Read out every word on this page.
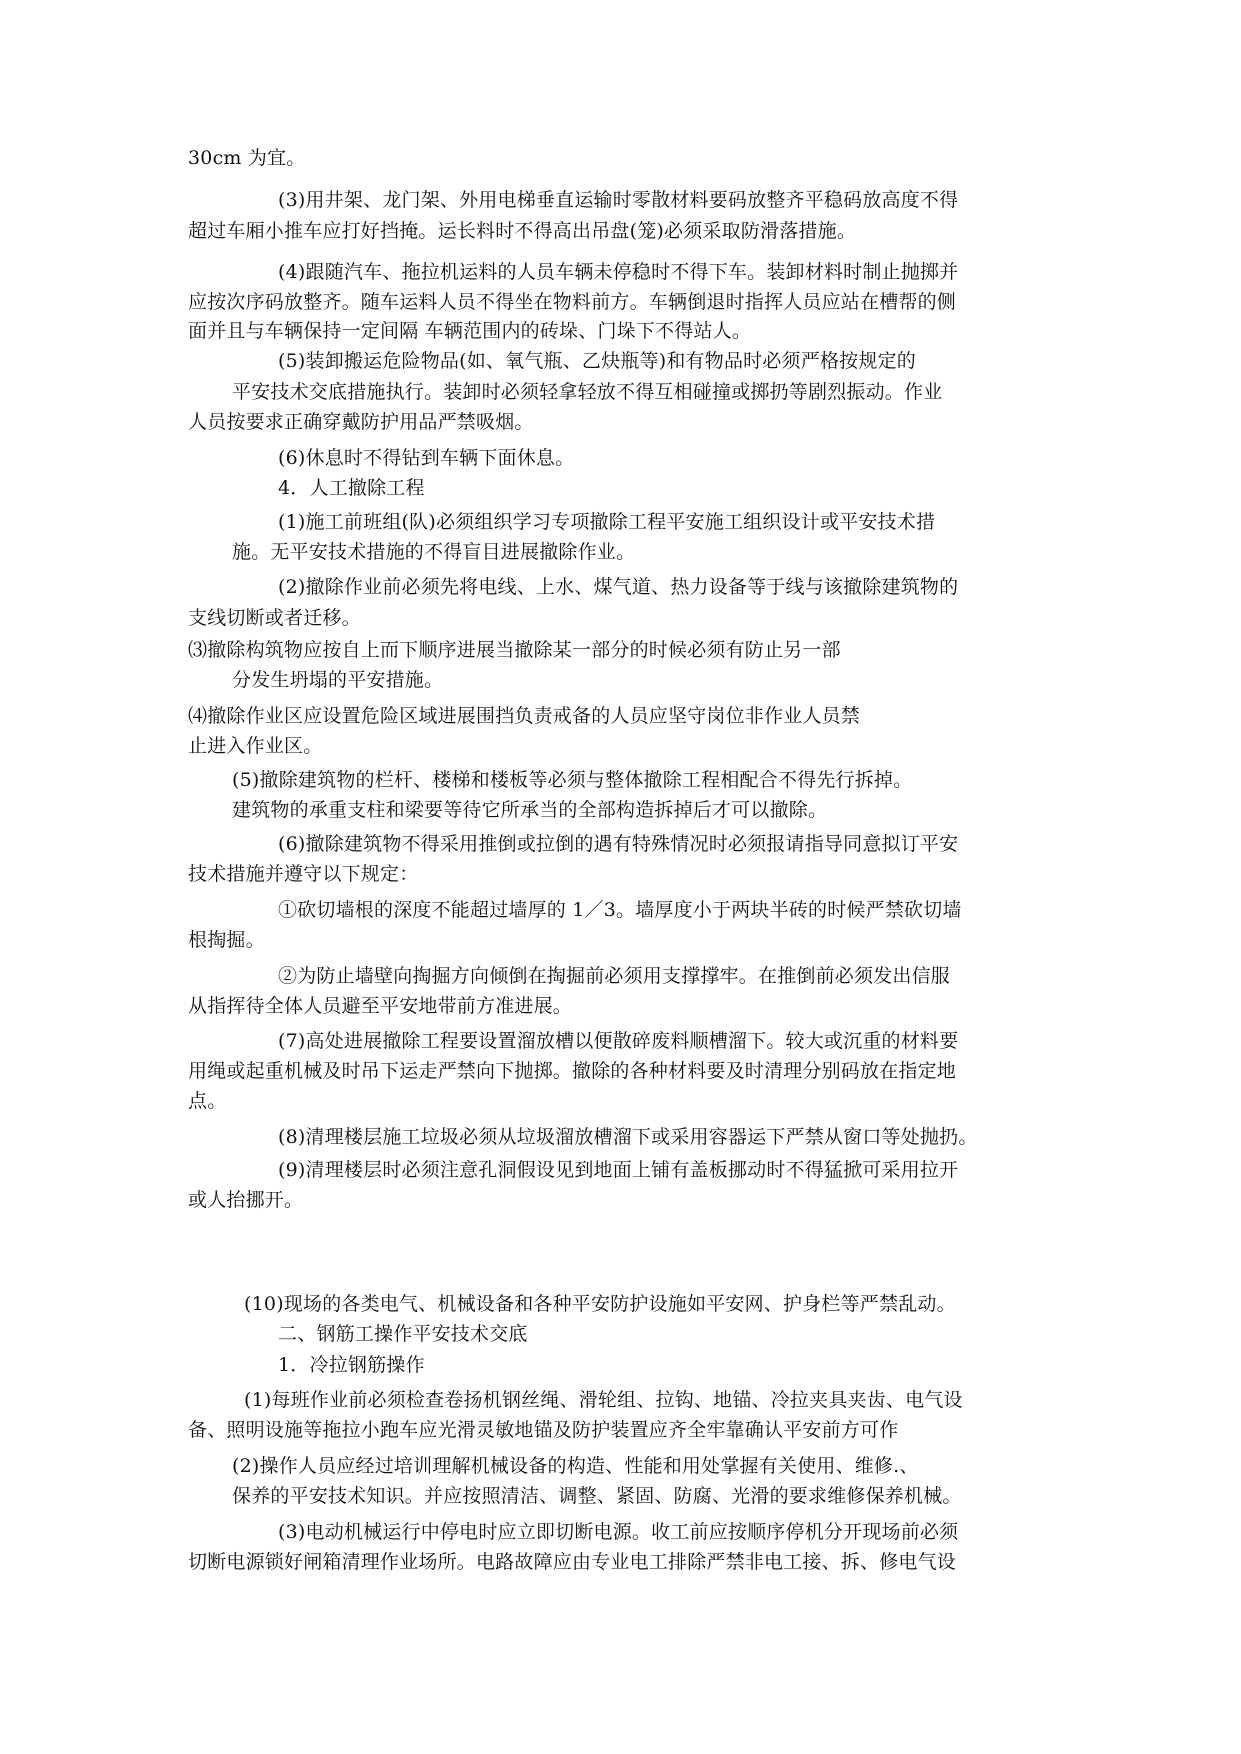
30cm 为宜。
(3)用井架、龙门架、外用电梯垂直运输时零散材料要码放整齐平稳码放高度不得
超过车厢小推车应打好挡掩。运长料时不得高出吊盘(笼)必须采取防滑落措施。
(4)跟随汽车、拖拉机运料的人员车辆未停稳时不得下车。装卸材料时制止抛掷并
应按次序码放整齐。随车运料人员不得坐在物料前方。车辆倒退时指挥人员应站在槽帮的侧
面并且与车辆保持一定间隔 车辆范围内的砖垛、门垛下不得站人。
(5)装卸搬运危险物品(如、氧气瓶、乙炔瓶等)和有物品时必须严格按规定的
平安技术交底措施执行。装卸时必须轻拿轻放不得互相碰撞或掷扔等剧烈振动。作业
人员按要求正确穿戴防护用品严禁吸烟。
(6)休息时不得钻到车辆下面休息。
4．人工撤除工程
(1)施工前班组(队)必须组织学习专项撤除工程平安施工组织设计或平安技术措
施。无平安技术措施的不得盲目进展撤除作业。
(2)撤除作业前必须先将电线、上水、煤气道、热力设备等于线与该撤除建筑物的
支线切断或者迁移。
⑶撤除构筑物应按自上而下顺序进展当撤除某一部分的时候必须有防止另一部
分发生坍塌的平安措施。
⑷撤除作业区应设置危险区域进展围挡负责戒备的人员应坚守岗位非作业人员禁
止进入作业区。
(5)撤除建筑物的栏杆、楼梯和楼板等必须与整体撤除工程相配合不得先行拆掉。
建筑物的承重支柱和梁要等待它所承当的全部构造拆掉后才可以撤除。
(6)撤除建筑物不得采用推倒或拉倒的遇有特殊情况时必须报请指导同意拟订平安
技术措施并遵守以下规定：
①砍切墙根的深度不能超过墙厚的 1／3。墙厚度小于两块半砖的时候严禁砍切墙
根掏掘。
②为防止墙壁向掏掘方向倾倒在掏掘前必须用支撑撑牢。在推倒前必须发出信服
从指挥待全体人员避至平安地带前方准进展。
(7)高处进展撤除工程要设置溜放槽以便散碎废料顺槽溜下。较大或沉重的材料要
用绳或起重机械及时吊下运走严禁向下抛掷。撤除的各种材料要及时清理分别码放在指定地
点。
(8)清理楼层施工垃圾必须从垃圾溜放槽溜下或采用容器运下严禁从窗口等处抛扔。
(9)清理楼层时必须注意孔洞假设见到地面上铺有盖板挪动时不得猛掀可采用拉开
或人抬挪开。
(10)现场的各类电气、机械设备和各种平安防护设施如平安网、护身栏等严禁乱动。
二、钢筋工操作平安技术交底
1．冷拉钢筋操作
(1)每班作业前必须检查卷扬机钢丝绳、滑轮组、拉钩、地锚、冷拉夹具夹齿、电气设
备、照明设施等拖拉小跑车应光滑灵敏地锚及防护装置应齐全牢靠确认平安前方可作
(2)操作人员应经过培训理解机械设备的构造、性能和用处掌握有关使用、维修.、
保养的平安技术知识。并应按照清洁、调整、紧固、防腐、光滑的要求维修保养机械。
(3)电动机械运行中停电时应立即切断电源。收工前应按顺序停机分开现场前必须
切断电源锁好闸箱清理作业场所。电路故障应由专业电工排除严禁非电工接、拆、修电气设
